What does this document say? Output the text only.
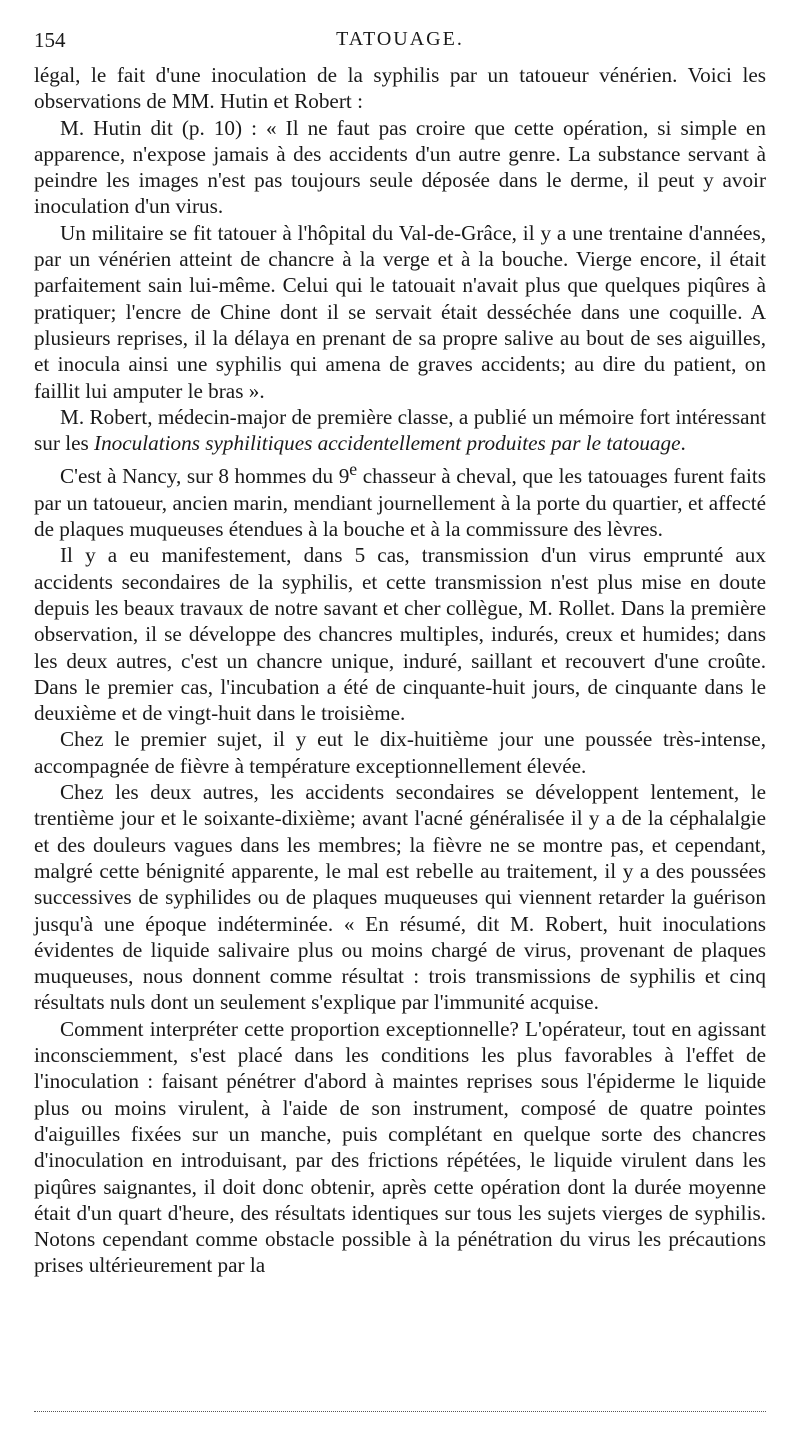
154	TATOUAGE.

légal, le fait d'une inoculation de la syphilis par un tatoueur vénérien. Voici les observations de MM. Hutin et Robert :

M. Hutin dit (p. 10) : « Il ne faut pas croire que cette opération, si simple en apparence, n'expose jamais à des accidents d'un autre genre. La substance servant à peindre les images n'est pas toujours seule déposée dans le derme, il peut y avoir inoculation d'un virus.

Un militaire se fit tatouer à l'hôpital du Val-de-Grâce, il y a une trentaine d'années, par un vénérien atteint de chancre à la verge et à la bouche. Vierge encore, il était parfaitement sain lui-même. Celui qui le tatouait n'avait plus que quelques piqûres à pratiquer; l'encre de Chine dont il se servait était desséchée dans une coquille. A plusieurs reprises, il la délaya en prenant de sa propre salive au bout de ses aiguilles, et inocula ainsi une syphilis qui amena de graves accidents; au dire du patient, on faillit lui amputer le bras ».

M. Robert, médecin-major de première classe, a publié un mémoire fort intéressant sur les Inoculations syphilitiques accidentellement produites par le tatouage.

C'est à Nancy, sur 8 hommes du 9e chasseur à cheval, que les tatouages furent faits par un tatoueur, ancien marin, mendiant journellement à la porte du quartier, et affecté de plaques muqueuses étendues à la bouche et à la commissure des lèvres.

Il y a eu manifestement, dans 5 cas, transmission d'un virus emprunté aux accidents secondaires de la syphilis, et cette transmission n'est plus mise en doute depuis les beaux travaux de notre savant et cher collègue, M. Rollet. Dans la première observation, il se développe des chancres multiples, indurés, creux et humides; dans les deux autres, c'est un chancre unique, induré, saillant et recouvert d'une croûte. Dans le premier cas, l'incubation a été de cinquante-huit jours, de cinquante dans le deuxième et de vingt-huit dans le troisième.

Chez le premier sujet, il y eut le dix-huitième jour une poussée très-intense, accompagnée de fièvre à température exceptionnellement élevée.

Chez les deux autres, les accidents secondaires se développent lentement, le trentième jour et le soixante-dixième; avant l'acné généralisée il y a de la céphalalgie et des douleurs vagues dans les membres; la fièvre ne se montre pas, et cependant, malgré cette bénignité apparente, le mal est rebelle au traitement, il y a des poussées successives de syphilides ou de plaques muqueuses qui viennent retarder la guérison jusqu'à une époque indéterminée. « En résumé, dit M. Robert, huit inoculations évidentes de liquide salivaire plus ou moins chargé de virus, provenant de plaques muqueuses, nous donnent comme résultat : trois transmissions de syphilis et cinq résultats nuls dont un seulement s'explique par l'immunité acquise.

Comment interpréter cette proportion exceptionnelle? L'opérateur, tout en agissant inconsciemment, s'est placé dans les conditions les plus favorables à l'effet de l'inoculation : faisant pénétrer d'abord à maintes reprises sous l'épiderme le liquide plus ou moins virulent, à l'aide de son instrument, composé de quatre pointes d'aiguilles fixées sur un manche, puis complétant en quelque sorte des chancres d'inoculation en introduisant, par des frictions répétées, le liquide virulent dans les piqûres saignantes, il doit donc obtenir, après cette opération dont la durée moyenne était d'un quart d'heure, des résultats identiques sur tous les sujets vierges de syphilis. Notons cependant comme obstacle possible à la pénétration du virus les précautions prises ultérieurement par la
